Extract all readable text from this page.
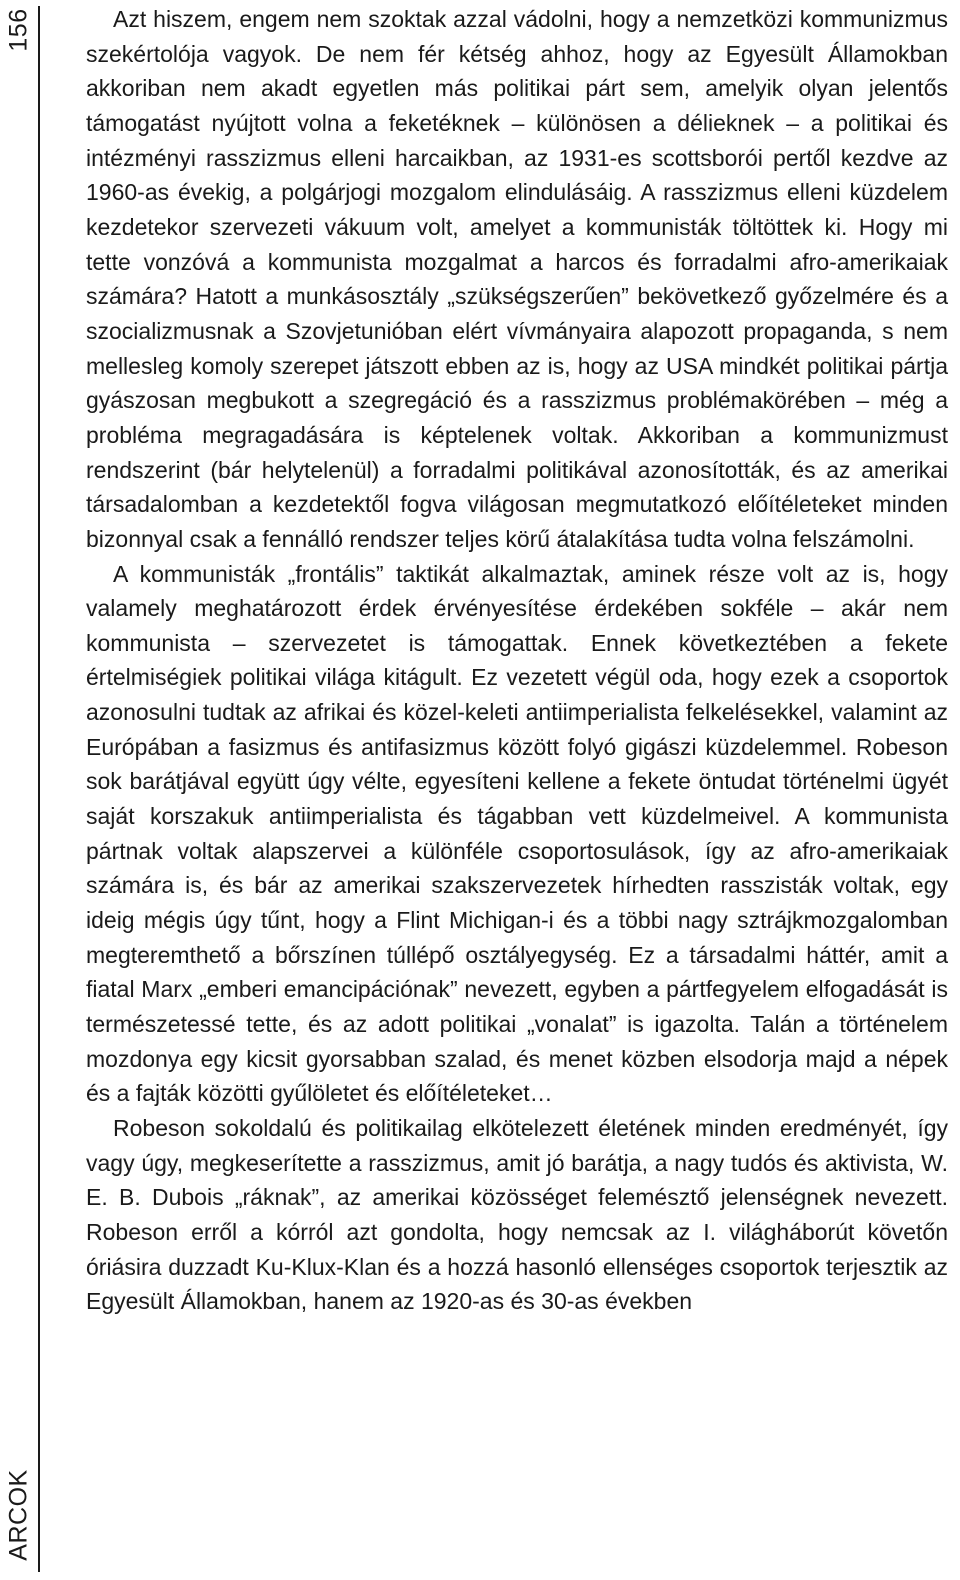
156
ARCOK

Azt hiszem, engem nem szoktak azzal vádolni, hogy a nemzetközi kommunizmus szekértolója vagyok. De nem fér kétség ahhoz, hogy az Egyesült Államokban akkoriban nem akadt egyetlen más politikai párt sem, amelyik olyan jelentős támogatást nyújtott volna a feketéknek – különösen a délieknek – a politikai és intézményi rasszizmus elleni harcaikban, az 1931-es scottsborói pertől kezdve az 1960-as évekig, a polgárjogi mozgalom elindulásáig. A rasszizmus elleni küzdelem kezdetekor szervezeti vákuum volt, amelyet a kommunisták töltöttek ki. Hogy mi tette vonzóvá a kommunista mozgalmat a harcos és forradalmi afro-amerikaiak számára? Hatott a munkásosztály „szükségszerűen” bekövetkező győzelmére és a szocializmusnak a Szovjetunióban elért vívmányaira alapozott propaganda, s nem mellesleg komoly szerepet játszott ebben az is, hogy az USA mindkét politikai pártja gyászosan megbukott a szegregáció és a rasszizmus problémakörében – még a probléma megragadására is képtelenek voltak. Akkoriban a kommunizmust rendszerint (bár helytelenül) a forradalmi politikával azonosították, és az amerikai társadalomban a kezdetektől fogva világosan megmutatkozó előítéleteket minden bizonnyal csak a fennálló rendszer teljes körű átalakítása tudta volna felszámolni.

A kommunisták „frontális” taktikát alkalmaztak, aminek része volt az is, hogy valamely meghatározott érdek érvényesítése érdekében sokféle – akár nem kommunista – szervezetet is támogattak. Ennek következtében a fekete értelmiségiek politikai világa kitágult. Ez vezetett végül oda, hogy ezek a csoportok azonosulni tudtak az afrikai és közel-keleti antiimperialista felkelésekkel, valamint az Európában a fasizmus és antifasizmus között folyó gigászi küzdelemmel. Robeson sok barátjával együtt úgy vélte, egyesíteni kellene a fekete öntudat történelmi ügyét saját korszakuk antiimperialista és tágabban vett küzdelmeivel. A kommunista pártnak voltak alapszervei a különféle csoportosulások, így az afro-amerikaiak számára is, és bár az amerikai szakszervezetek hírhedten rasszisták voltak, egy ideig mégis úgy tűnt, hogy a Flint Michigan-i és a többi nagy sztrájkmozgalomban megteremthető a bőrszínen túllépő osztályegység. Ez a társadalmi háttér, amit a fiatal Marx „emberi emancipációnak” nevezett, egyben a pártfegyelem elfogadását is természetessé tette, és az adott politikai „vonalat” is igazolta. Talán a történelem mozdonya egy kicsit gyorsabban szalad, és menet közben elsodorja majd a népek és a fajták közötti gyűlöletet és előítéleteket…

Robeson sokoldalú és politikailag elkötelezett életének minden eredményét, így vagy úgy, megkeserítette a rasszizmus, amit jó barátja, a nagy tudós és aktivista, W. E. B. Dubois „ráknak”, az amerikai közösséget felemésztő jelenségnek nevezett. Robeson erről a kórról azt gondolta, hogy nemcsak az I. világháborút követőn óriásira duzzadt Ku-Klux-Klan és a hozzá hasonló ellenséges csoportok terjesztik az Egyesült Államokban, hanem az 1920-as és 30-as években
